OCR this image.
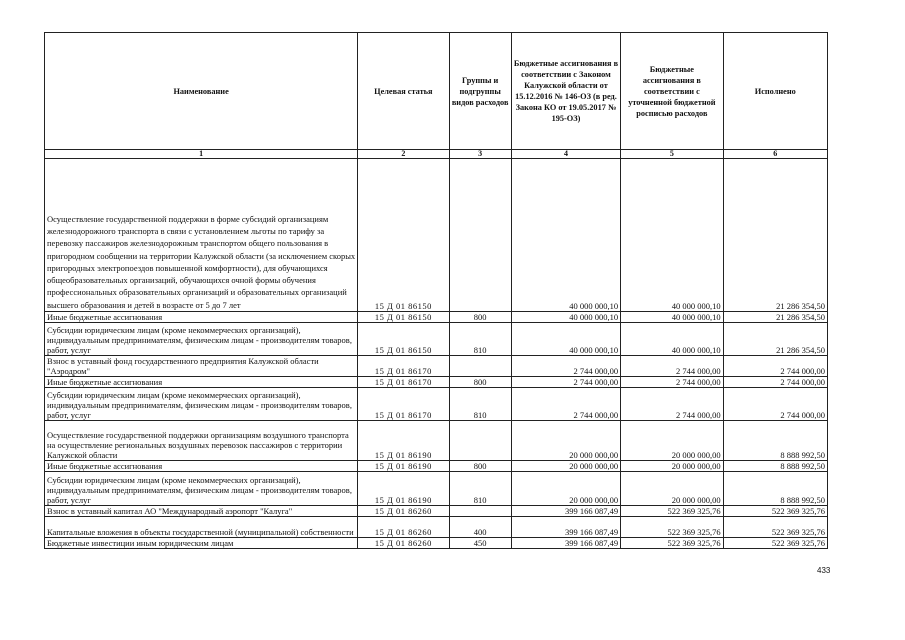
Наименование	Целевая статья	Группы и подгруппы видов расходов	Бюджетные ассигнования в соответствии с Законом Калужской области от 15.12.2016 № 146-ОЗ (в ред. Закона КО от 19.05.2017 № 195-ОЗ)	Бюджетные ассигнования в соответствии с уточненной бюджетной росписью расходов	Исполнено
1	2	3	4	5	6
Осуществление государственной поддержки в форме субсидий организациям железнодорожного транспорта в связи с установлением льготы по тарифу за перевозку пассажиров железнодорожным транспортом общего пользования в пригородном сообщении на территории Калужской области (за исключением скорых пригородных электропоездов повышенной комфортности), для обучающихся общеобразовательных организаций, обучающихся очной формы обучения профессиональных образовательных организаций и образовательных организаций высшего образования и детей в возрасте от 5 до 7 лет	15 Д 01 86150		40 000 000,10	40 000 000,10	21 286 354,50
Иные бюджетные ассигнования	15 Д 01 86150	800	40 000 000,10	40 000 000,10	21 286 354,50
Субсидии юридическим лицам (кроме некоммерческих организаций), индивидуальным предпринимателям, физическим лицам - производителям товаров, работ, услуг	15 Д 01 86150	810	40 000 000,10	40 000 000,10	21 286 354,50
Взнос в уставный фонд государственного предприятия Калужской области "Аэродром"	15 Д 01 86170		2 744 000,00	2 744 000,00	2 744 000,00
Иные бюджетные ассигнования	15 Д 01 86170	800	2 744 000,00	2 744 000,00	2 744 000,00
Субсидии юридическим лицам (кроме некоммерческих организаций), индивидуальным предпринимателям, физическим лицам - производителям товаров, работ, услуг	15 Д 01 86170	810	2 744 000,00	2 744 000,00	2 744 000,00
Осуществление государственной поддержки организациям воздушного транспорта на осуществление региональных воздушных перевозок пассажиров с территории Калужской области	15 Д 01 86190		20 000 000,00	20 000 000,00	8 888 992,50
Иные бюджетные ассигнования	15 Д 01 86190	800	20 000 000,00	20 000 000,00	8 888 992,50
Субсидии юридическим лицам (кроме некоммерческих организаций), индивидуальным предпринимателям, физическим лицам - производителям товаров, работ, услуг	15 Д 01 86190	810	20 000 000,00	20 000 000,00	8 888 992,50
Взнос в уставный капитал АО "Международный аэропорт "Калуга"	15 Д 01 86260		399 166 087,49	522 369 325,76	522 369 325,76
Капитальные вложения в объекты государственной (муниципальной) собственности	15 Д 01 86260	400	399 166 087,49	522 369 325,76	522 369 325,76
Бюджетные инвестиции иным юридическим лицам	15 Д 01 86260	450	399 166 087,49	522 369 325,76	522 369 325,76
433
